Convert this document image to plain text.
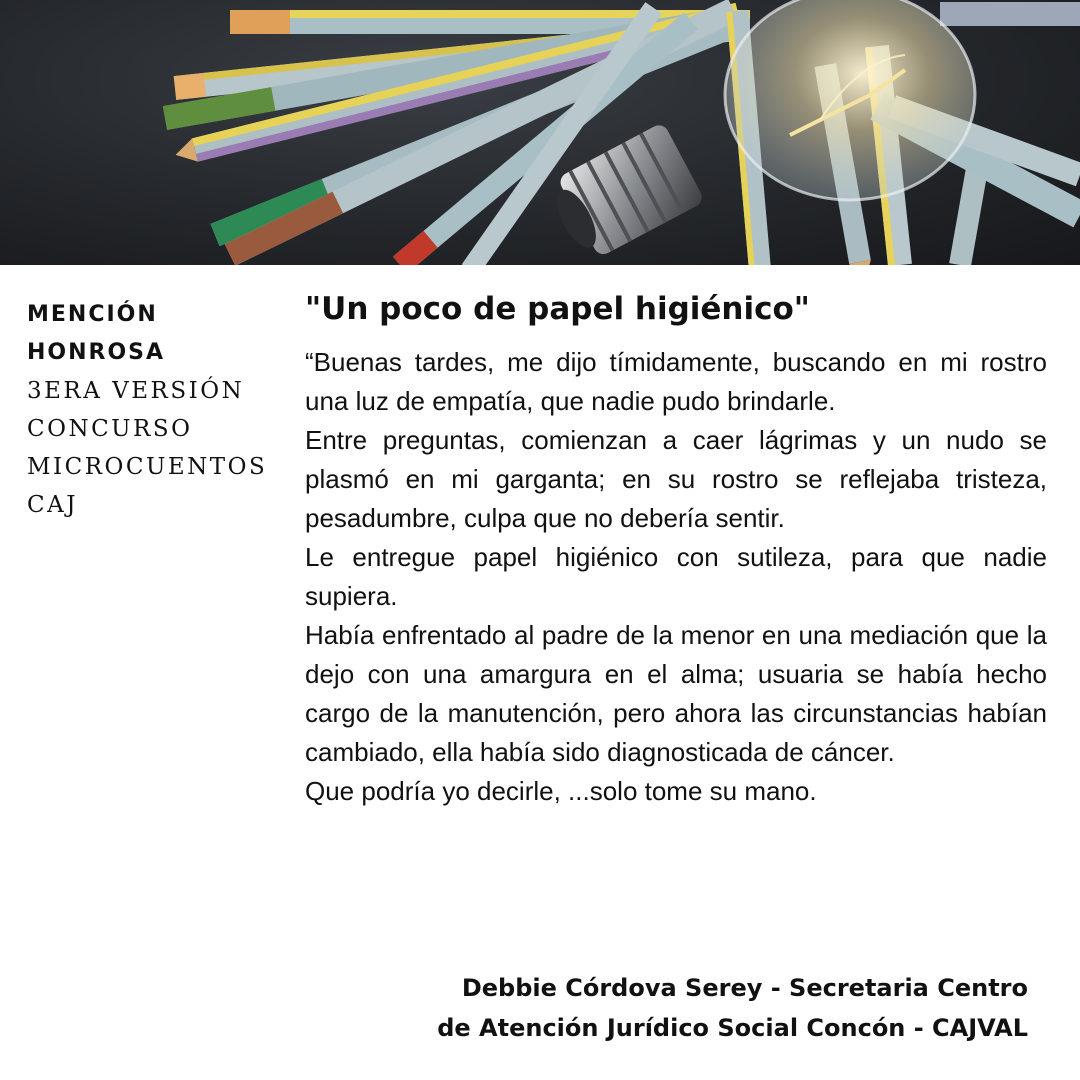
MENCIÓN HONROSA
3ERA VERSIÓN
CONCURSO
MICROCUENTOS
CAJ
"Un poco de papel higiénico"

“Buenas tardes, me dijo tímidamente, buscando en mi rostro una luz de empatía, que nadie pudo brindarle.

Entre preguntas, comienzan a caer lágrimas y un nudo se plasmó en mi garganta; en su rostro se reflejaba tristeza, pesadumbre, culpa que no debería sentir.

Le entregue papel higiénico con sutileza, para que nadie supiera.

Había enfrentado al padre de la menor en una mediación que la dejo con una amargura en el alma; usuaria se había hecho cargo de la manutención, pero ahora las circunstancias habían cambiado, ella había sido diagnosticada de cáncer.

Que podría yo decirle, ...solo tome su mano.

Debbie Córdova Serey - Secretaria Centro
de Atención Jurídico Social Concón - CAJVAL
